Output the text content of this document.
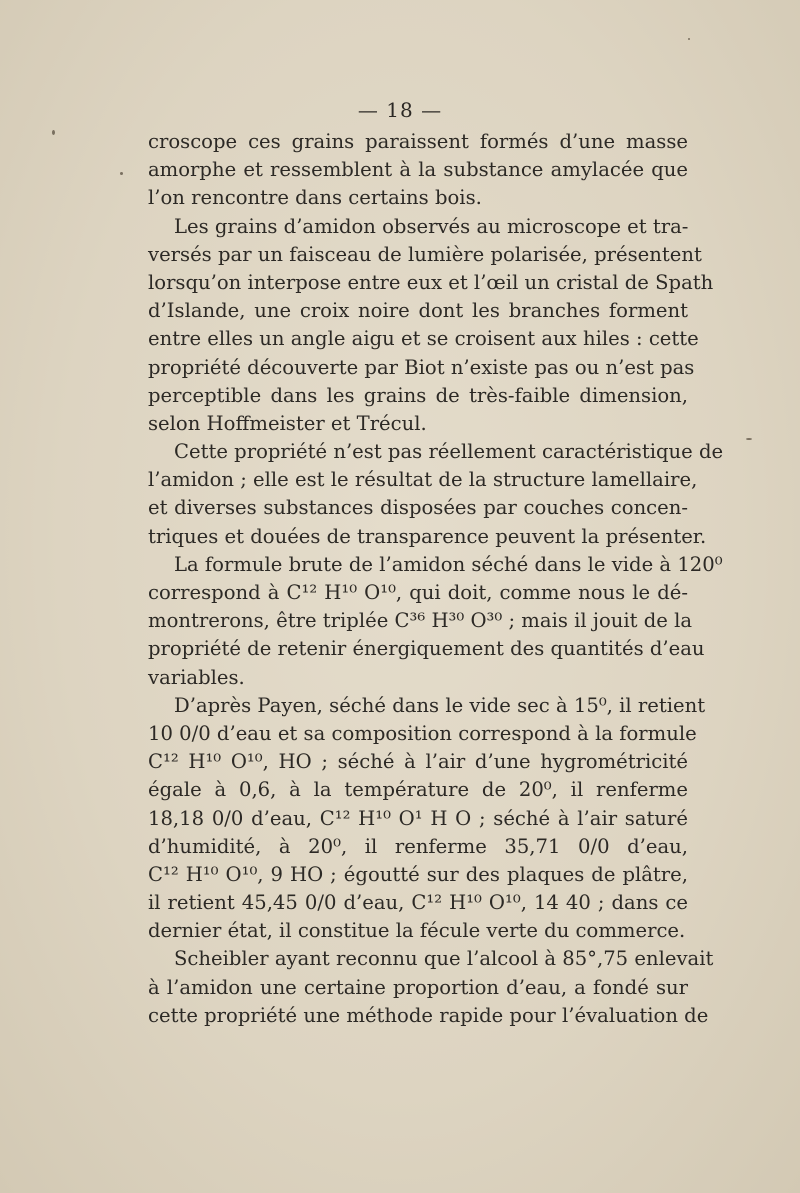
— 18 —
croscope ces grains paraissent formés d’une masse
amorphe et ressemblent à la substance amylacée que
l’on rencontre dans certains bois.
Les grains d’amidon observés au microscope et tra-
versés par un faisceau de lumière polarisée, présentent
lorsqu’on interpose entre eux et l’œil un cristal de Spath
d’Islande, une croix noire dont les branches forment
entre elles un angle aigu et se croisent aux hiles : cette
propriété découverte par Biot n’existe pas ou n’est pas
perceptible dans les grains de très-faible dimension,
selon Hoffmeister et Trécul.
Cette propriété n’est pas réellement caractéristique de
l’amidon ; elle est le résultat de la structure lamellaire,
et diverses substances disposées par couches concen-
triques et douées de transparence peuvent la présenter.
La formule brute de l’amidon séché dans le vide à 120⁰
correspond à C¹² H¹⁰ O¹⁰, qui doit, comme nous le dé-
montrerons, être triplée C³⁶ H³⁰ O³⁰ ; mais il jouit de la
propriété de retenir énergiquement des quantités d’eau
variables.
D’après Payen, séché dans le vide sec à 15⁰, il retient
10 0/0 d’eau et sa composition correspond à la formule
C¹² H¹⁰ O¹⁰, HO ; séché à l’air d’une hygrométricité
égale à 0,6, à la température de 20⁰, il renferme
18,18 0/0 d’eau, C¹² H¹⁰ O¹ H O ; séché à l’air saturé
d’humidité, à 20⁰, il renferme 35,71 0/0 d’eau,
C¹² H¹⁰ O¹⁰, 9 HO ; égoutté sur des plaques de plâtre,
il retient 45,45 0/0 d’eau, C¹² H¹⁰ O¹⁰, 14 40 ; dans ce
dernier état, il constitue la fécule verte du commerce.
Scheibler ayant reconnu que l’alcool à 85°,75 enlevait
à l’amidon une certaine proportion d’eau, a fondé sur
cette propriété une méthode rapide pour l’évaluation de
